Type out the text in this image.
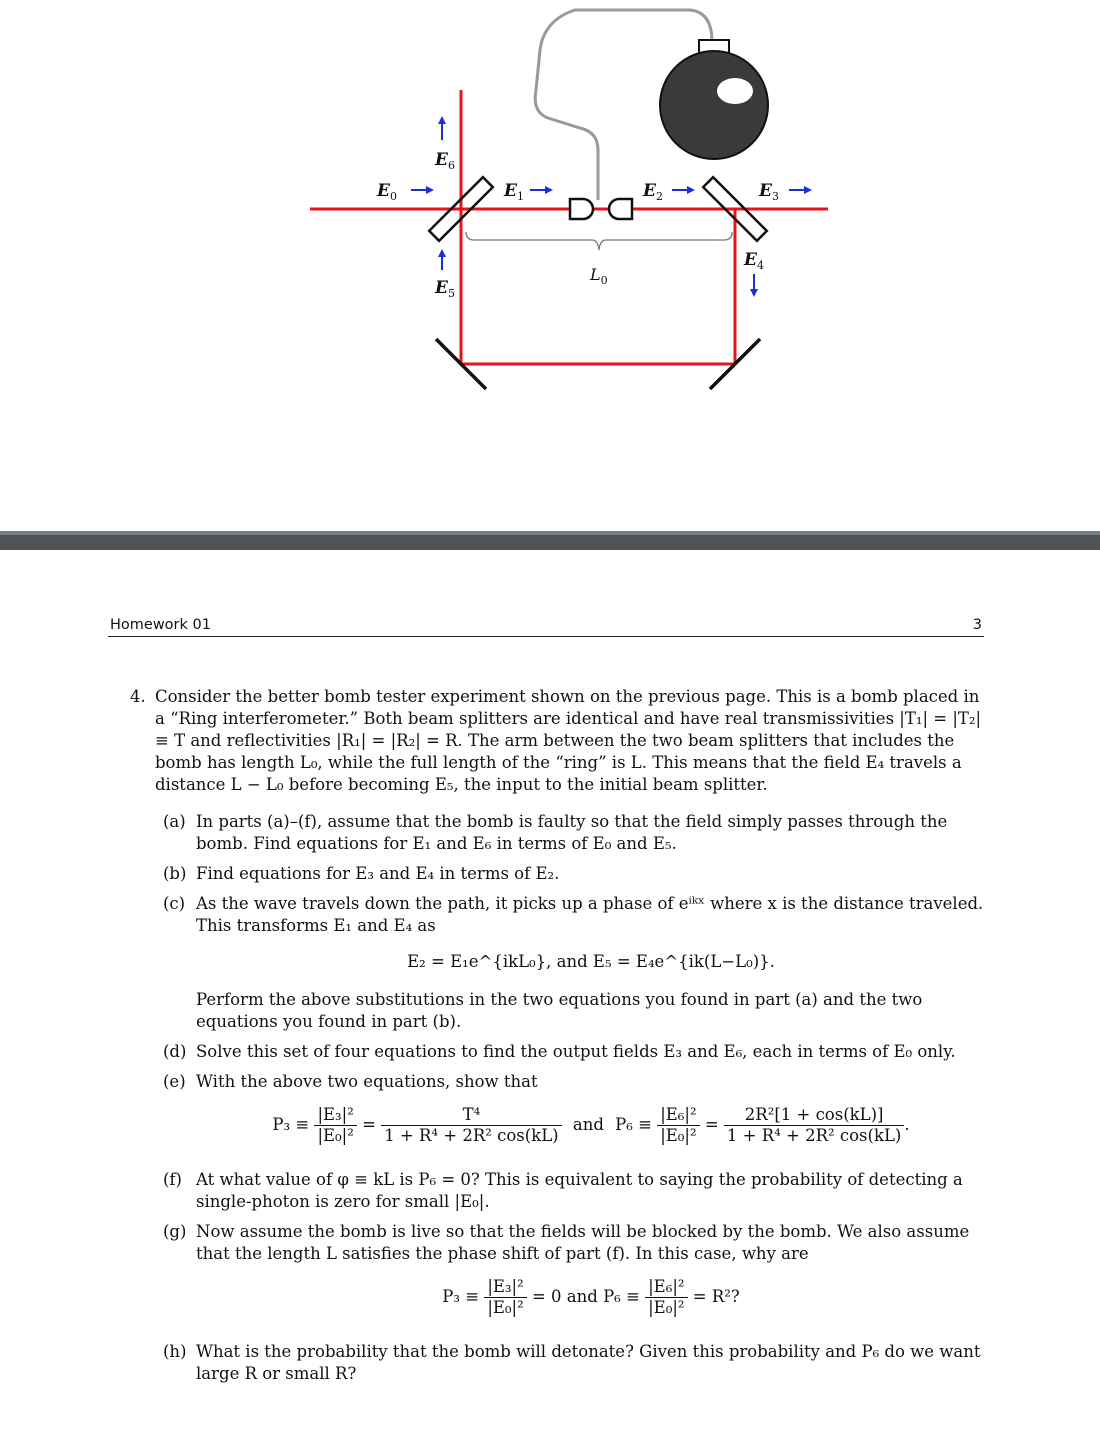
$E_0$	$E_1$	$E_2$	$E_3$
$E_6$
$E_5$
$E_4$
$L_0$
Homework 01	3
4. Consider the better bomb tester experiment shown on the previous page. This is a bomb placed in a “Ring interferometer.” Both beam splitters are identical and have real transmissivities |T₁| = |T₂| ≡ T and reflectivities |R₁| = |R₂| = R. The arm between the two beam splitters that includes the bomb has length L₀, while the full length of the “ring” is L. This means that the field E₄ travels a distance L − L₀ before becoming E₅, the input to the initial beam splitter.
(a) In parts (a)–(f), assume that the bomb is faulty so that the field simply passes through the bomb. Find equations for E₁ and E₆ in terms of E₀ and E₅.
(b) Find equations for E₃ and E₄ in terms of E₂.
(c) As the wave travels down the path, it picks up a phase of eⁱᵏˣ where x is the distance traveled. This transforms E₁ and E₄ as
E₂ = E₁e^{ikL₀}, and E₅ = E₄e^{ik(L−L₀)}.
Perform the above substitutions in the two equations you found in part (a) and the two equations you found in part (b).
(d) Solve this set of four equations to find the output fields E₃ and E₆, each in terms of E₀ only.
(e) With the above two equations, show that
$P_3 \equiv \frac{\text{|E₃|²}}{\text{|E₀|²}} = \frac{\text{T⁴}}{\text{1 + R⁴ + 2R² cos(kL)}}$ and $P_6 \equiv \frac{\text{|E₆|²}}{\text{|E₀|²}} = \frac{\text{2R²[1 + cos(kL)]}}{\text{1 + R⁴ + 2R² cos(kL)}}$ .
(f) At what value of φ ≡ kL is P₆ = 0? This is equivalent to saying the probability of detecting a single-photon is zero for small |E₀|.
(g) Now assume the bomb is live so that the fields will be blocked by the bomb. We also assume that the length L satisfies the phase shift of part (f). In this case, why are
$P_3 \equiv \frac{\text{|E₃|²}}{\text{|E₀|²}} = 0$ and $P_6 \equiv \frac{\text{|E₆|²}}{\text{|E₀|²}} = R^2$?
(h) What is the probability that the bomb will detonate? Given this probability and P₆ do we want large R or small R?
